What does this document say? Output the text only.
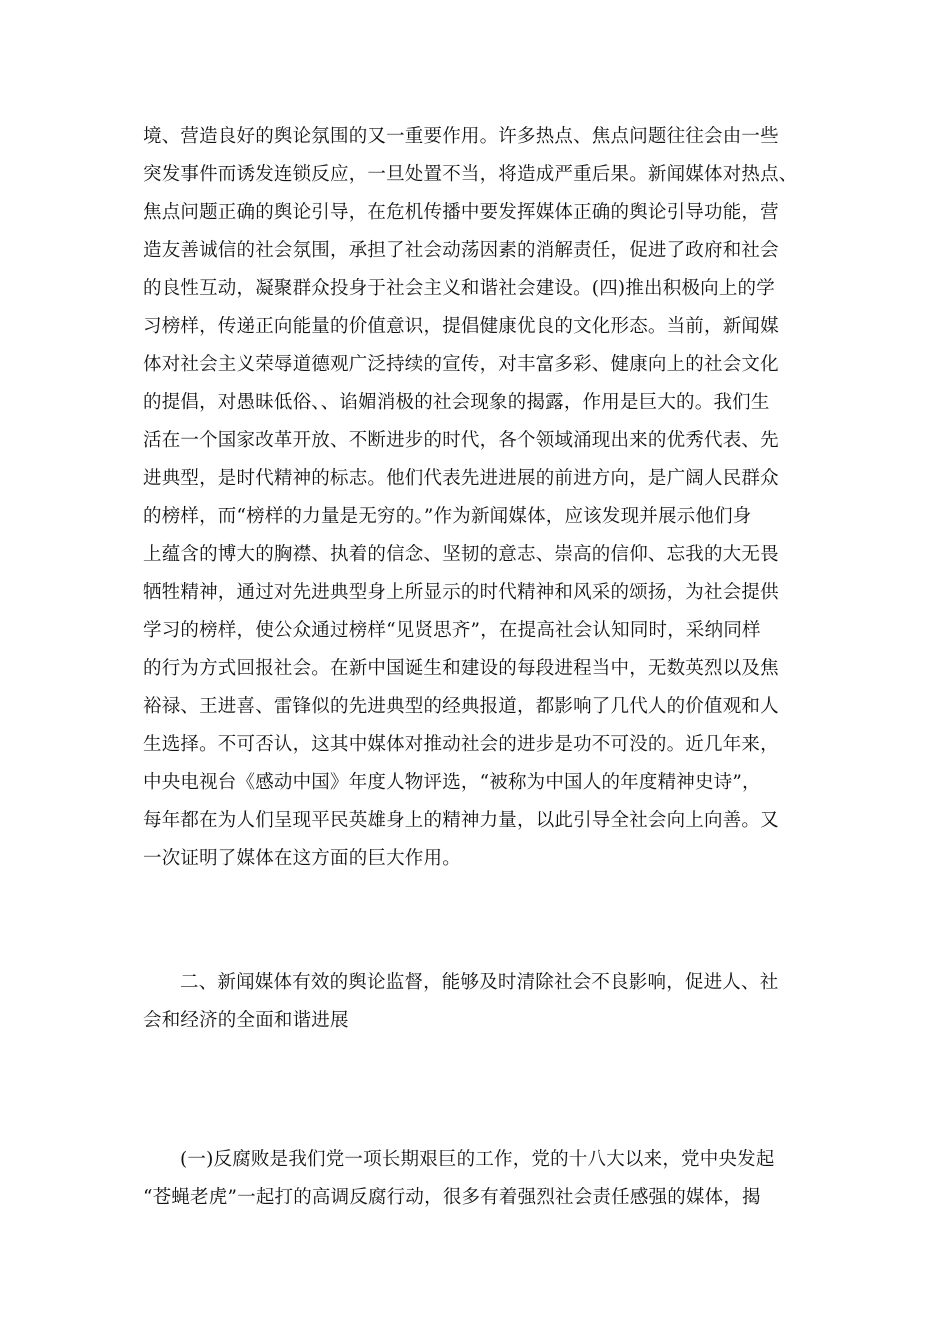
境、营造良好的舆论氛围的又一重要作用。许多热点、焦点问题往往会由一些
突发事件而诱发连锁反应，一旦处置不当，将造成严重后果。新闻媒体对热点、
焦点问题正确的舆论引导，在危机传播中要发挥媒体正确的舆论引导功能，营
造友善诚信的社会氛围，承担了社会动荡因素的消解责任，促进了政府和社会
的良性互动，凝聚群众投身于社会主义和谐社会建设。(四)推出积极向上的学
习榜样，传递正向能量的价值意识，提倡健康优良的文化形态。当前，新闻媒
体对社会主义荣辱道德观广泛持续的宣传，对丰富多彩、健康向上的社会文化
的提倡，对愚昧低俗、、谄媚消极的社会现象的揭露，作用是巨大的。我们生
活在一个国家改革开放、不断进步的时代，各个领域涌现出来的优秀代表、先
进典型，是时代精神的标志。他们代表先进进展的前进方向，是广阔人民群众
的榜样，而“榜样的力量是无穷的。”作为新闻媒体，应该发现并展示他们身
上蕴含的博大的胸襟、执着的信念、坚韧的意志、崇高的信仰、忘我的大无畏
牺牲精神，通过对先进典型身上所显示的时代精神和风采的颂扬，为社会提供
学习的榜样，使公众通过榜样“见贤思齐”，在提高社会认知同时，采纳同样
的行为方式回报社会。在新中国诞生和建设的每段进程当中，无数英烈以及焦
裕禄、王进喜、雷锋似的先进典型的经典报道，都影响了几代人的价值观和人
生选择。不可否认，这其中媒体对推动社会的进步是功不可没的。近几年来，
中央电视台《感动中国》年度人物评选，“被称为中国人的年度精神史诗”，
每年都在为人们呈现平民英雄身上的精神力量，以此引导全社会向上向善。又
一次证明了媒体在这方面的巨大作用。
二、新闻媒体有效的舆论监督，能够及时清除社会不良影响，促进人、社
会和经济的全面和谐进展
(一)反腐败是我们党一项长期艰巨的工作，党的十八大以来，党中央发起
“苍蝇老虎”一起打的高调反腐行动，很多有着强烈社会责任感强的媒体，揭
